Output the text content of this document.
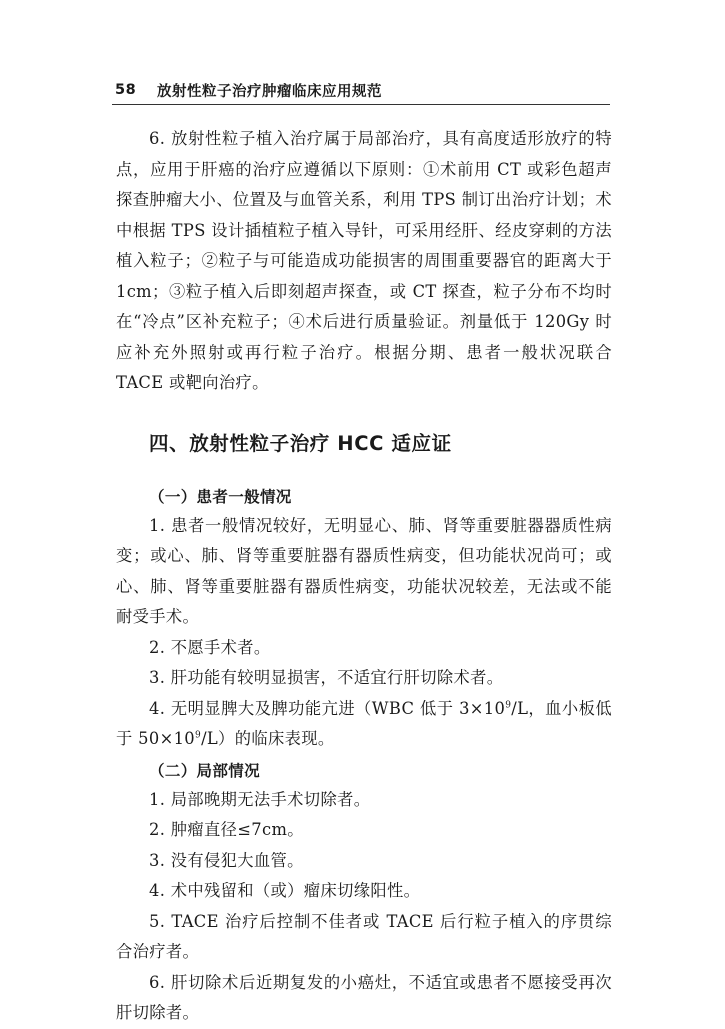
58	放射性粒子治疗肿瘤临床应用规范

6. 放射性粒子植入治疗属于局部治疗，具有高度适形放疗的特点，应用于肝癌的治疗应遵循以下原则：①术前用 CT 或彩色超声探查肿瘤大小、位置及与血管关系，利用 TPS 制订出治疗计划；术中根据 TPS 设计插植粒子植入导针，可采用经肝、经皮穿刺的方法植入粒子；②粒子与可能造成功能损害的周围重要器官的距离大于 1cm；③粒子植入后即刻超声探查，或 CT 探查，粒子分布不均时在“冷点”区补充粒子；④术后进行质量验证。剂量低于 120Gy 时应补充外照射或再行粒子治疗。根据分期、患者一般状况联合 TACE 或靶向治疗。

四、放射性粒子治疗 HCC 适应证
（一）患者一般情况

1. 患者一般情况较好，无明显心、肺、肾等重要脏器器质性病变；或心、肺、肾等重要脏器有器质性病变，但功能状况尚可；或心、肺、肾等重要脏器有器质性病变，功能状况较差，无法或不能耐受手术。

2. 不愿手术者。

3. 肝功能有较明显损害，不适宜行肝切除术者。

4. 无明显脾大及脾功能亢进（WBC 低于 $3\times 10^9/L$，血小板低于 $50\times 10^9/L$）的临床表现。

（二）局部情况

1. 局部晚期无法手术切除者。

2. 肿瘤直径≤7cm。

3. 没有侵犯大血管。

4. 术中残留和（或）瘤床切缘阳性。

5. TACE 治疗后控制不佳者或 TACE 后行粒子植入的序贯综合治疗者。

6. 肝切除术后近期复发的小癌灶，不适宜或患者不愿接受再次肝切除者。
